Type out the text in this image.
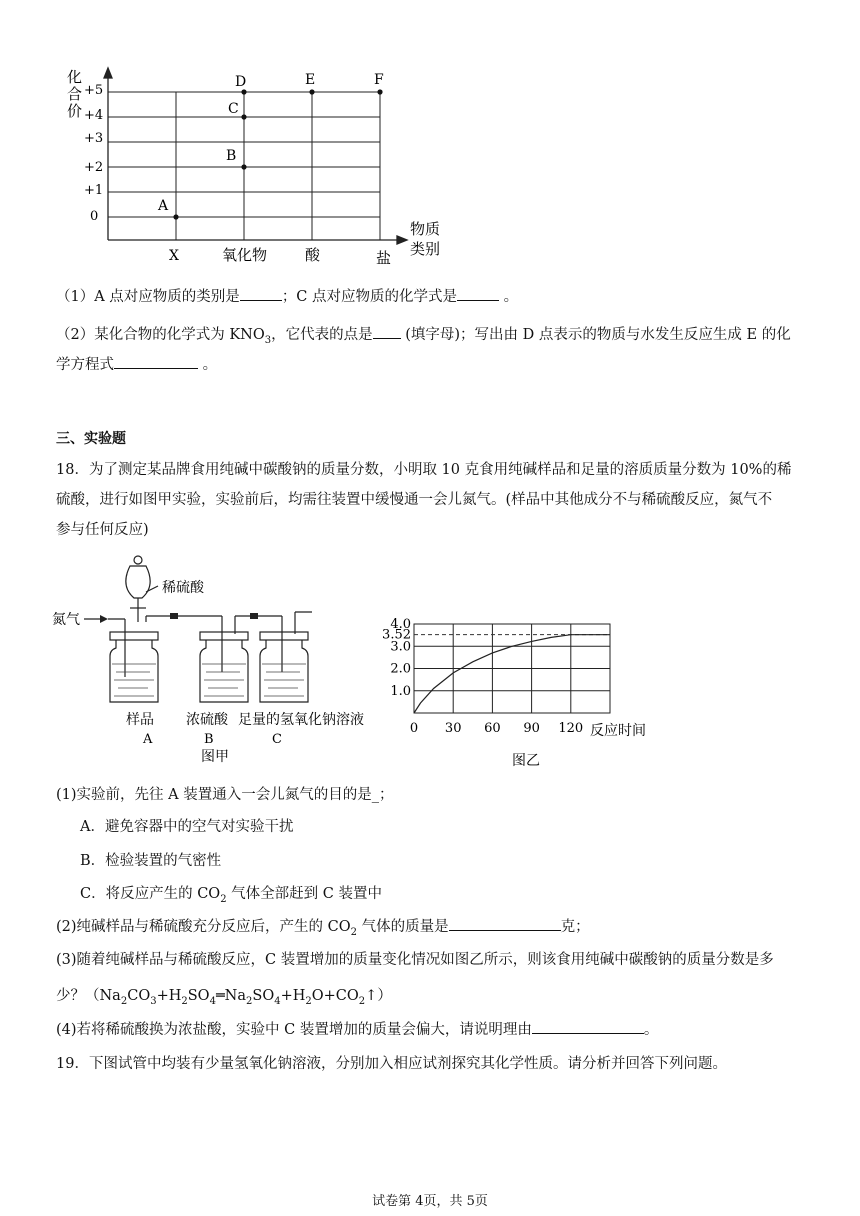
化
合
价
+5
+4
+3
+2
+1
0
A
B
C
D	E	F
X	氧化物	酸	盐
物质
类别
（1）A 点对应物质的类别是	；C 点对应物质的化学式是	。
（2）某化合物的化学式为 $KNO_3$，它代表的点是 (填字母)；写出由 D 点表示的物质与水发生反应生成 E 的化
学方程式	。
三、实验题
18．为了测定某品牌食用纯碱中碳酸钠的质量分数，小明取 10 克食用纯碱样品和足量的溶质质量分数为 10%的稀
硫酸，进行如图甲实验，实验前后，均需往装置中缓慢通一会儿氮气。(样品中其他成分不与稀硫酸反应，氮气不
参与任何反应)
稀硫酸
氮气
样品 浓硫酸 足量的氢氧化钠溶液
A	B	C
图甲
0 30 60 90 120
1.0
2.0
3.0
3.52
4.0
反应时间
图乙
(1)实验前，先往 A 装置通入一会儿氮气的目的是_；
A．避免容器中的空气对实验干扰
B．检验装置的气密性
C．将反应产生的 $CO_2$ 气体全部赶到 C 装置中
(2)纯碱样品与稀硫酸充分反应后，产生的 $CO_2$ 气体的质量是	克；
(3)随着纯碱样品与稀硫酸反应，C 装置增加的质量变化情况如图乙所示，则该食用纯碱中碳酸钠的质量分数是多
少？$(Na_2CO_3+H_2SO_4═Na_2SO_4+H_2O+CO_2↑)$
(4)若将稀硫酸换为浓盐酸，实验中 C 装置增加的质量会偏大，请说明理由	。
19．下图试管中均装有少量氢氧化钠溶液，分别加入相应试剂探究其化学性质。请分析并回答下列问题。
试卷第 4页，共 5页
